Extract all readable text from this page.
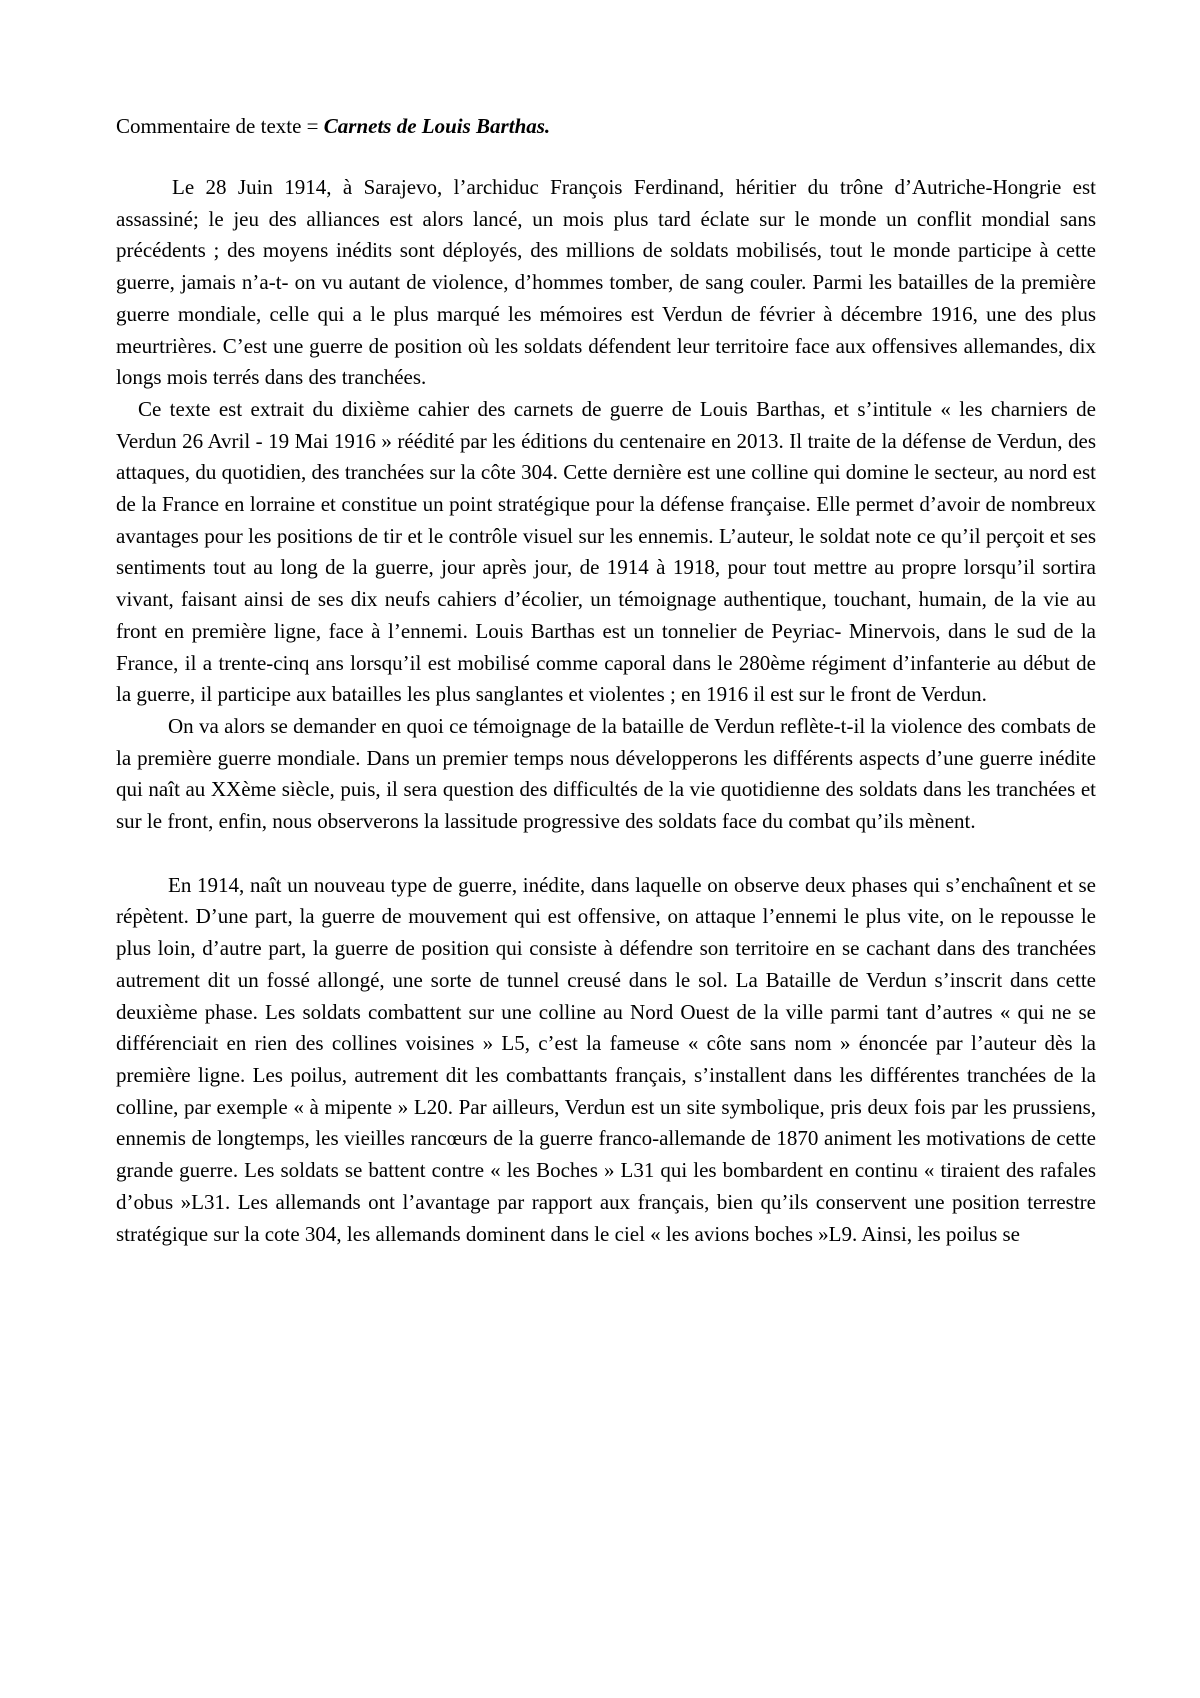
Commentaire de texte = Carnets de Louis Barthas.

Le 28 Juin 1914, à Sarajevo, l’archiduc François Ferdinand, héritier du trône d’Autriche-Hongrie est assassiné; le jeu des alliances est alors lancé, un mois plus tard éclate sur le monde un conflit mondial sans précédents ; des moyens inédits sont déployés, des millions de soldats mobilisés, tout le monde participe à cette guerre, jamais n’a-t- on vu autant de violence, d’hommes tomber, de sang couler. Parmi les batailles de la première guerre mondiale, celle qui a le plus marqué les mémoires est Verdun de février à décembre 1916, une des plus meurtrières. C’est une guerre de position où les soldats défendent leur territoire face aux offensives allemandes, dix longs mois terrés dans des tranchées.

Ce texte est extrait du dixième cahier des carnets de guerre de Louis Barthas, et s’intitule « les charniers de Verdun 26 Avril - 19 Mai 1916 » réédité par les éditions du centenaire en 2013. Il traite de la défense de Verdun, des attaques, du quotidien, des tranchées sur la côte 304. Cette dernière est une colline qui domine le secteur, au nord est de la France en lorraine et constitue un point stratégique pour la défense française. Elle permet d’avoir de nombreux avantages pour les positions de tir et le contrôle visuel sur les ennemis. L’auteur, le soldat note ce qu’il perçoit et ses sentiments tout au long de la guerre, jour après jour, de 1914 à 1918, pour tout mettre au propre lorsqu’il sortira vivant, faisant ainsi de ses dix neufs cahiers d’écolier, un témoignage authentique, touchant, humain, de la vie au front en première ligne, face à l’ennemi. Louis Barthas est un tonnelier de Peyriac- Minervois, dans le sud de la France, il a trente-cinq ans lorsqu’il est mobilisé comme caporal dans le 280ème régiment d’infanterie au début de la guerre, il participe aux batailles les plus sanglantes et violentes ; en 1916 il est sur le front de Verdun.

On va alors se demander en quoi ce témoignage de la bataille de Verdun reflète-t-il la violence des combats de la première guerre mondiale. Dans un premier temps nous développerons les différents aspects d’une guerre inédite qui naît au XXème siècle, puis, il sera question des difficultés de la vie quotidienne des soldats dans les tranchées et sur le front, enfin, nous observerons la lassitude progressive des soldats face du combat qu’ils mènent.

En 1914, naît un nouveau type de guerre, inédite, dans laquelle on observe deux phases qui s’enchaînent et se répètent. D’une part, la guerre de mouvement qui est offensive, on attaque l’ennemi le plus vite, on le repousse le plus loin, d’autre part, la guerre de position qui consiste à défendre son territoire en se cachant dans des tranchées autrement dit un fossé allongé, une sorte de tunnel creusé dans le sol. La Bataille de Verdun s’inscrit dans cette deuxième phase. Les soldats combattent sur une colline au Nord Ouest de la ville parmi tant d’autres « qui ne se différenciait en rien des collines voisines » L5, c’est la fameuse « côte sans nom » énoncée par l’auteur dès la première ligne. Les poilus, autrement dit les combattants français, s’installent dans les différentes tranchées de la colline, par exemple « à mipente » L20. Par ailleurs, Verdun est un site symbolique, pris deux fois par les prussiens, ennemis de longtemps, les vieilles rancœurs de la guerre franco-allemande de 1870 animent les motivations de cette grande guerre. Les soldats se battent contre « les Boches » L31 qui les bombardent en continu « tiraient des rafales d’obus »L31. Les allemands ont l’avantage par rapport aux français, bien qu’ils conservent une position terrestre stratégique sur la cote 304, les allemands dominent dans le ciel « les avions boches »L9. Ainsi, les poilus se
